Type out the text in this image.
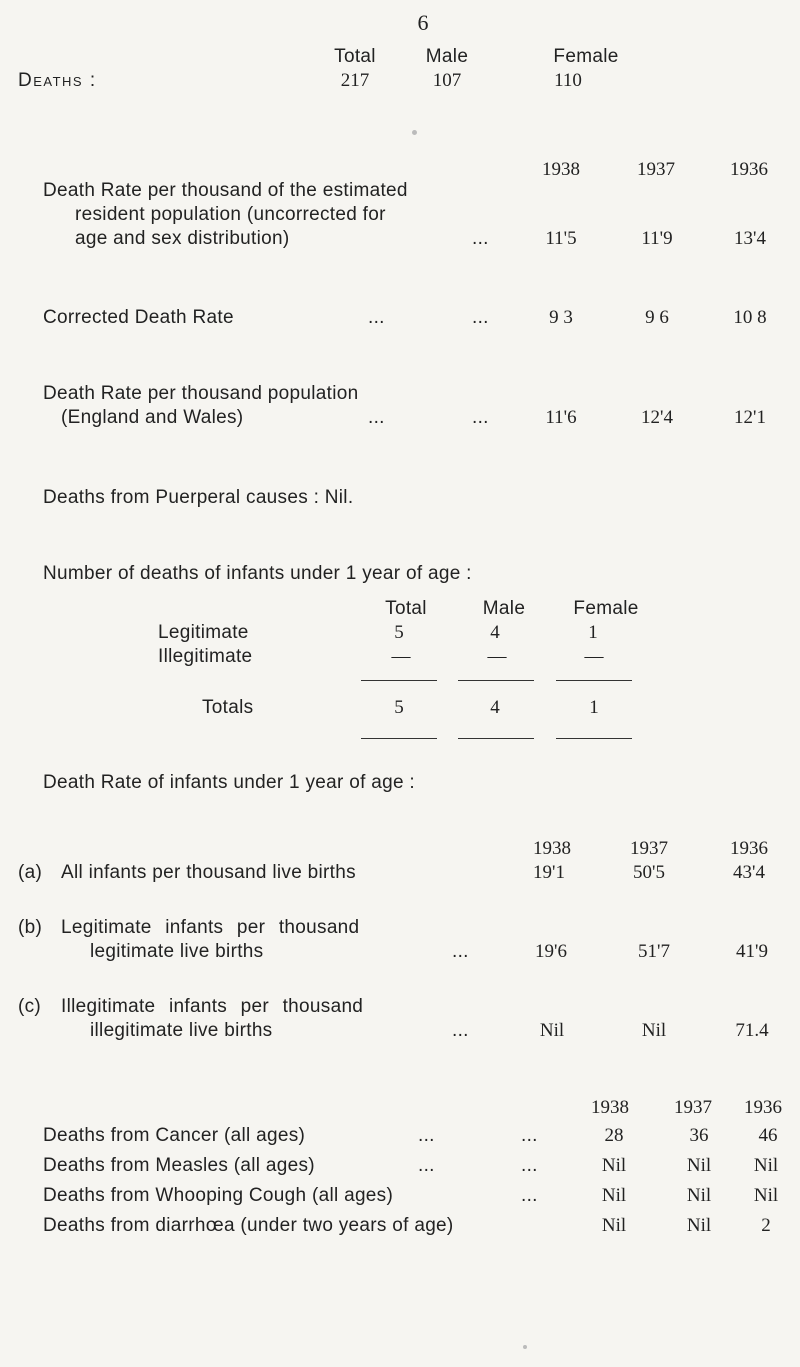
6
Total	Male	Female
Deaths :	217	107	110
1938	1937	1936
Death Rate per thousand of the estimated
resident population (uncorrected for
age and sex distribution)	...	11'5	11'9	13'4
Corrected Death Rate	...	...	9 3	9 6	10 8
Death Rate per thousand population
(England and Wales)	...	...	11'6	12'4	12'1
Deaths from Puerperal causes : Nil.
Number of deaths of infants under 1 year of age :
Total	Male	Female
Legitimate	5	4	1
Illegitimate	—	—	—
Totals	5	4	1
Death Rate of infants under 1 year of age :
1938	1937	1936
(a) All infants per thousand live births	19'1	50'5	43'4
(b) Legitimate infants per thousand
legitimate live births	...	19'6	51'7	41'9
(c) Illegitimate infants per thousand
illegitimate live births	...	Nil	Nil	71.4
1938 1937 1936
Deaths from Cancer (all ages)	...	...	28	36	46
Deaths from Measles (all ages)	...	...	Nil	Nil Nil
Deaths from Whooping Cough (all ages)	...	Nil	Nil Nil
Deaths from diarrhœa (under two years of age)	Nil	Nil	2
